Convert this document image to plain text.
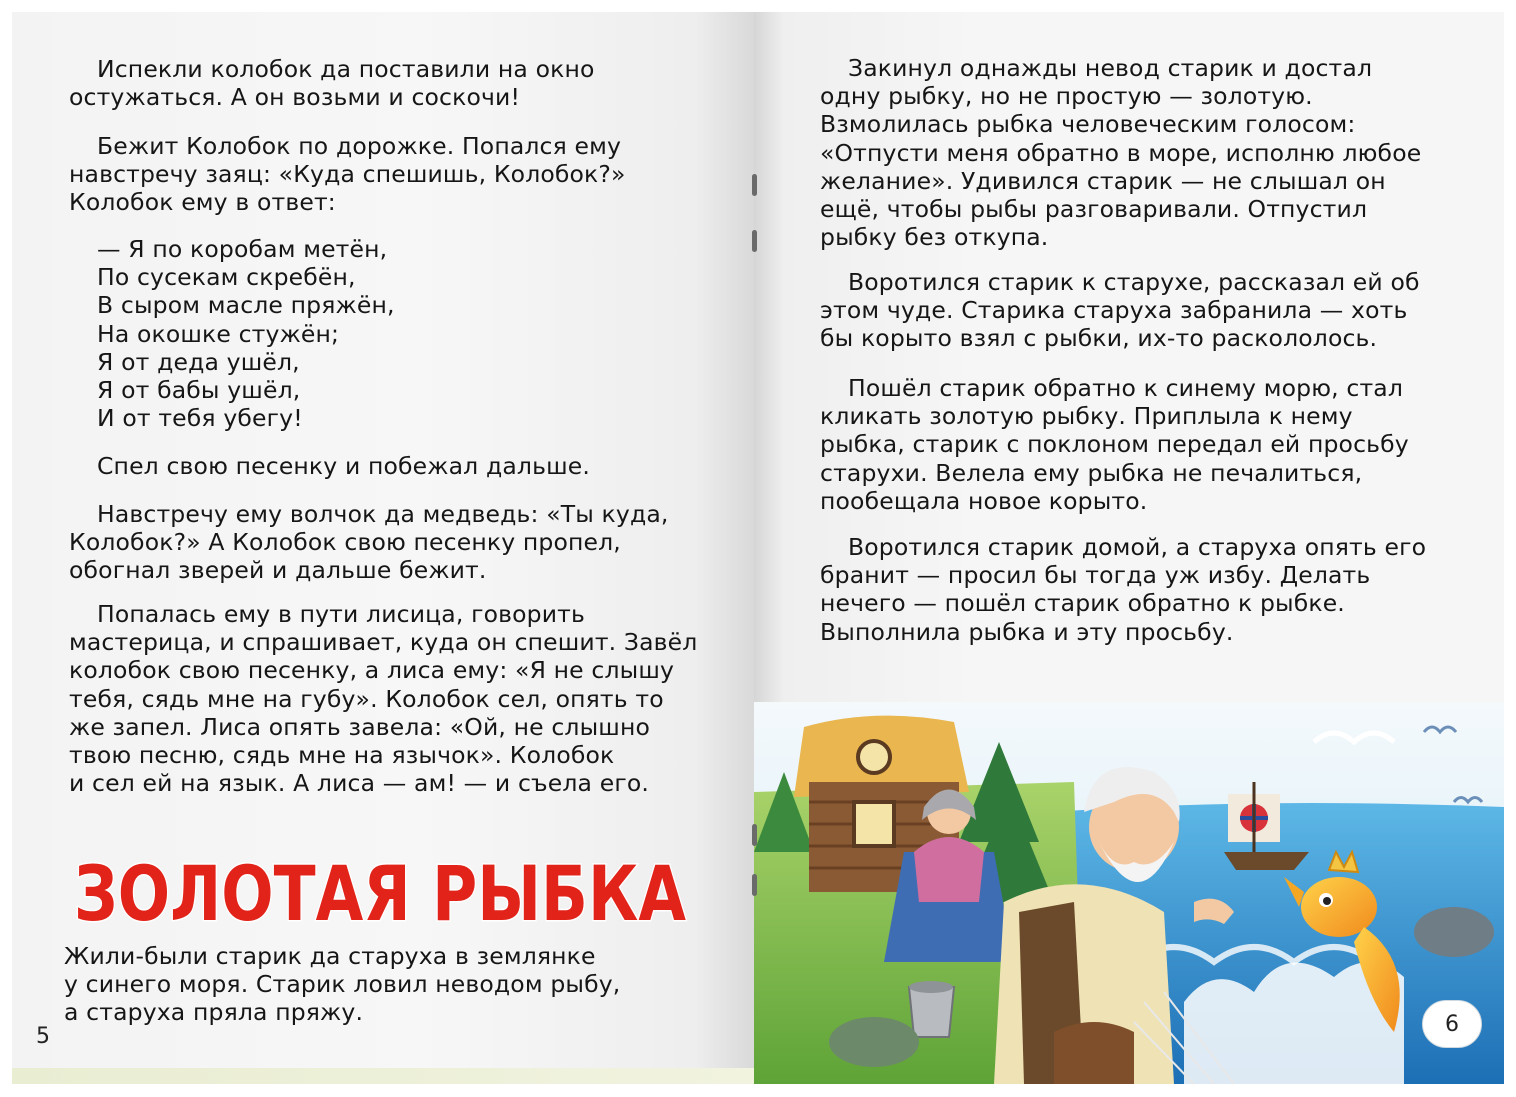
Испекли колобок да поставили на окно

остужаться. А он возьми и соскочи!

Бежит Колобок по дорожке. Попался ему

навстречу заяц: «Куда спешишь, Колобок?»

Колобок ему в ответ:

— Я по коробам метён,

По сусекам скребён,

В сыром масле пряжён,

На окошке стужён;

Я от деда ушёл,

Я от бабы ушёл,

И от тебя убегу!

Спел свою песенку и побежал дальше.

Навстречу ему волчок да медведь: «Ты куда,

Колобок?» А Колобок свою песенку пропел,

обогнал зверей и дальше бежит.

Попалась ему в пути лисица, говорить

мастерица, и спрашивает, куда он спешит. Завёл

колобок свою песенку, а лиса ему: «Я не слышу

тебя, сядь мне на губу». Колобок сел, опять то

же запел. Лиса опять завела: «Ой, не слышно

твою песню, сядь мне на язычок». Колобок

и сел ей на язык. А лиса — ам! — и съела его.

ЗОЛОТАЯ РЫБКА

Жили-были старик да старуха в землянке

у синего моря. Старик ловил неводом рыбу,

а старуха пряла пряжу.

5

Закинул однажды невод старик и достал

одну рыбку, но не простую — золотую.

Взмолилась рыбка человеческим голосом:

«Отпусти меня обратно в море, исполню любое

желание». Удивился старик — не слышал он

ещё, чтобы рыбы разговаривали. Отпустил

рыбку без откупа.

Воротился старик к старухе, рассказал ей об

этом чуде. Старика старуха забранила — хоть

бы корыто взял с рыбки, их-то раскололось.

Пошёл старик обратно к синему морю, стал

кликать золотую рыбку. Приплыла к нему

рыбка, старик с поклоном передал ей просьбу

старухи. Велела ему рыбка не печалиться,

пообещала новое корыто.

Воротился старик домой, а старуха опять его

бранит — просил бы тогда уж избу. Делать

нечего — пошёл старик обратно к рыбке.

Выполнила рыбка и эту просьбу.

6
